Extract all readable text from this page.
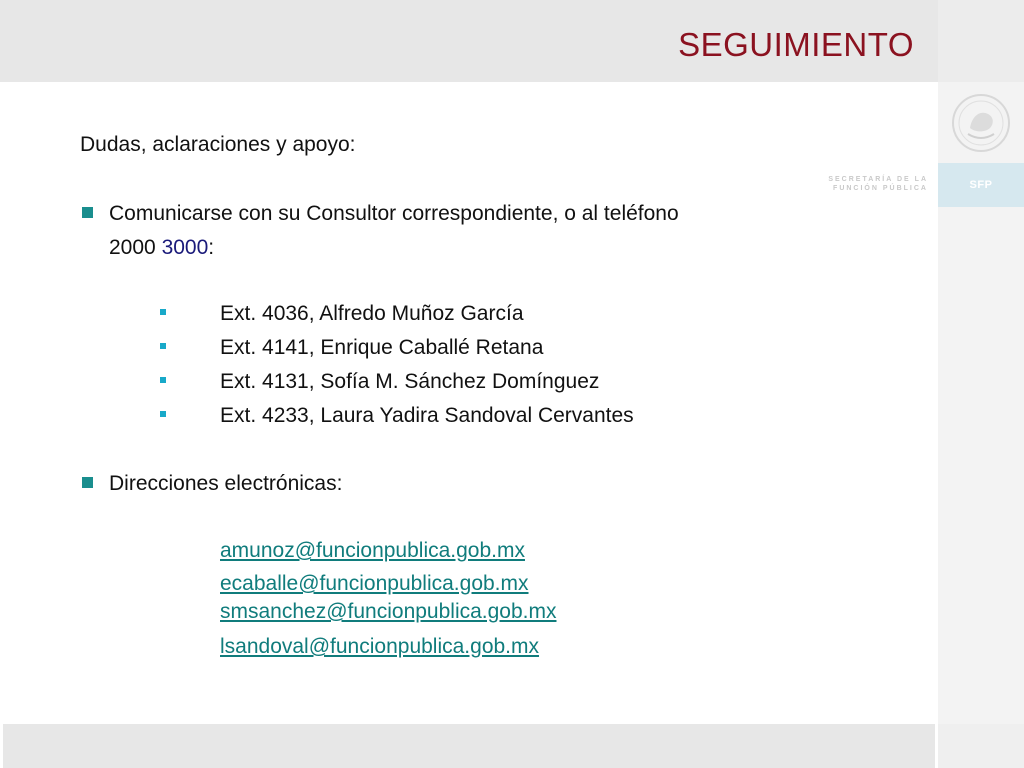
SEGUIMIENTO
SECRETARÍA DE LA FUNCIÓN PÚBLICA	SFP
Dudas, aclaraciones y apoyo:
Comunicarse con su Consultor correspondiente, o al teléfono
2000 3000:
Ext. 4036, Alfredo Muñoz García
Ext. 4141, Enrique Caballé Retana
Ext. 4131, Sofía M. Sánchez Domínguez
Ext. 4233, Laura Yadira Sandoval Cervantes
Direcciones electrónicas:
amunoz@funcionpublica.gob.mx
ecaballe@funcionpublica.gob.mx
smsanchez@funcionpublica.gob.mx
lsandoval@funcionpublica.gob.mx
